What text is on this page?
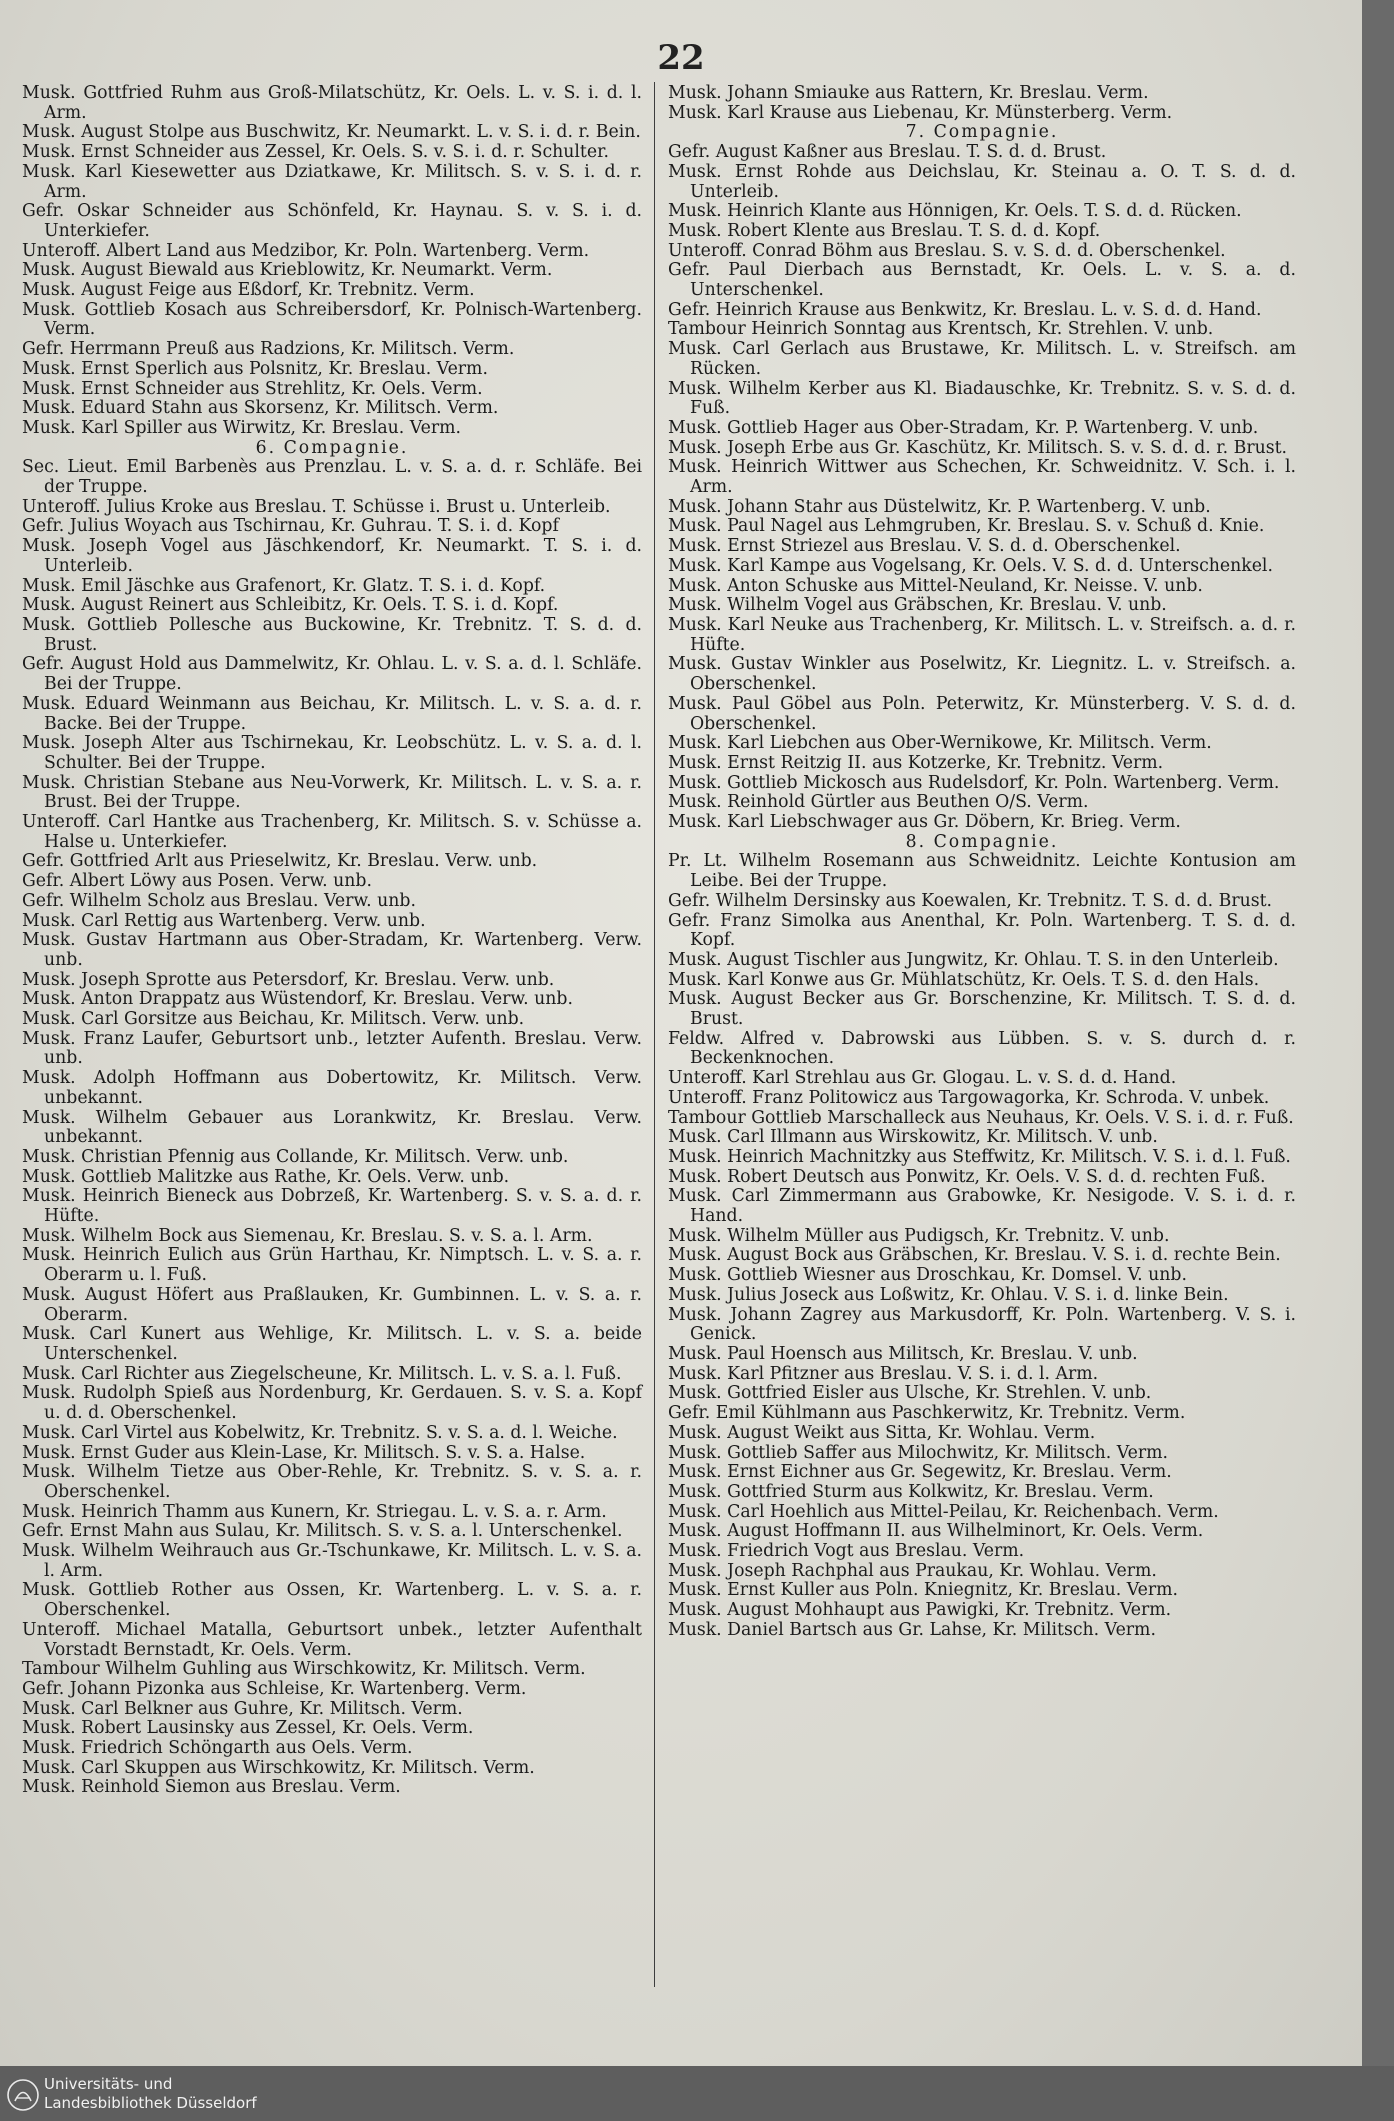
22
Musk. Gottfried Ruhm aus Groß-Milatschütz, Kr. Oels. L. v. S. i. d. l. Arm.
Musk. August Stolpe aus Buschwitz, Kr. Neumarkt. L. v. S. i. d. r. Bein.
Musk. Ernst Schneider aus Zessel, Kr. Oels. S. v. S. i. d. r. Schulter.
Musk. Karl Kiesewetter aus Dziatkawe, Kr. Militsch. S. v. S. i. d. r. Arm.
Gefr. Oskar Schneider aus Schönfeld, Kr. Haynau. S. v. S. i. d. Unterkiefer.
Unteroff. Albert Land aus Medzibor, Kr. Poln. Wartenberg. Verm.
Musk. August Biewald aus Krieblowitz, Kr. Neumarkt. Verm.
Musk. August Feige aus Eßdorf, Kr. Trebnitz. Verm.
Musk. Gottlieb Kosach aus Schreibersdorf, Kr. Polnisch-Wartenberg. Verm.
Gefr. Herrmann Preuß aus Radzions, Kr. Militsch. Verm.
Musk. Ernst Sperlich aus Polsnitz, Kr. Breslau. Verm.
Musk. Ernst Schneider aus Strehlitz, Kr. Oels. Verm.
Musk. Eduard Stahn aus Skorsenz, Kr. Militsch. Verm.
Musk. Karl Spiller aus Wirwitz, Kr. Breslau. Verm.
6. Compagnie.
Sec. Lieut. Emil Barbenès aus Prenzlau. L. v. S. a. d. r. Schläfe. Bei der Truppe.
Unteroff. Julius Kroke aus Breslau. T. Schüsse i. Brust u. Unterleib.
Gefr. Julius Woyach aus Tschirnau, Kr. Guhrau. T. S. i. d. Kopf
Musk. Joseph Vogel aus Jäschkendorf, Kr. Neumarkt. T. S. i. d. Unterleib.
Musk. Emil Jäschke aus Grafenort, Kr. Glatz. T. S. i. d. Kopf.
Musk. August Reinert aus Schleibitz, Kr. Oels. T. S. i. d. Kopf.
Musk. Gottlieb Pollesche aus Buckowine, Kr. Trebnitz. T. S. d. d. Brust.
Gefr. August Hold aus Dammelwitz, Kr. Ohlau. L. v. S. a. d. l. Schläfe. Bei der Truppe.
Musk. Eduard Weinmann aus Beichau, Kr. Militsch. L. v. S. a. d. r. Backe. Bei der Truppe.
Musk. Joseph Alter aus Tschirnekau, Kr. Leobschütz. L. v. S. a. d. l. Schulter. Bei der Truppe.
Musk. Christian Stebane aus Neu-Vorwerk, Kr. Militsch. L. v. S. a. r. Brust. Bei der Truppe.
Unteroff. Carl Hantke aus Trachenberg, Kr. Militsch. S. v. Schüsse a. Halse u. Unterkiefer.
Gefr. Gottfried Arlt aus Prieselwitz, Kr. Breslau. Verw. unb.
Gefr. Albert Löwy aus Posen. Verw. unb.
Gefr. Wilhelm Scholz aus Breslau. Verw. unb.
Musk. Carl Rettig aus Wartenberg. Verw. unb.
Musk. Gustav Hartmann aus Ober-Stradam, Kr. Wartenberg. Verw. unb.
Musk. Joseph Sprotte aus Petersdorf, Kr. Breslau. Verw. unb.
Musk. Anton Drappatz aus Wüstendorf, Kr. Breslau. Verw. unb.
Musk. Carl Gorsitze aus Beichau, Kr. Militsch. Verw. unb.
Musk. Franz Laufer, Geburtsort unb., letzter Aufenth. Breslau. Verw. unb.
Musk. Adolph Hoffmann aus Dobertowitz, Kr. Militsch. Verw. unbekannt.
Musk. Wilhelm Gebauer aus Lorankwitz, Kr. Breslau. Verw. unbekannt.
Musk. Christian Pfennig aus Collande, Kr. Militsch. Verw. unb.
Musk. Gottlieb Malitzke aus Rathe, Kr. Oels. Verw. unb.
Musk. Heinrich Bieneck aus Dobrzeß, Kr. Wartenberg. S. v. S. a. d. r. Hüfte.
Musk. Wilhelm Bock aus Siemenau, Kr. Breslau. S. v. S. a. l. Arm.
Musk. Heinrich Eulich aus Grün Harthau, Kr. Nimptsch. L. v. S. a. r. Oberarm u. l. Fuß.
Musk. August Höfert aus Praßlauken, Kr. Gumbinnen. L. v. S. a. r. Oberarm.
Musk. Carl Kunert aus Wehlige, Kr. Militsch. L. v. S. a. beide Unterschenkel.
Musk. Carl Richter aus Ziegelscheune, Kr. Militsch. L. v. S. a. l. Fuß.
Musk. Rudolph Spieß aus Nordenburg, Kr. Gerdauen. S. v. S. a. Kopf u. d. d. Oberschenkel.
Musk. Carl Virtel aus Kobelwitz, Kr. Trebnitz. S. v. S. a. d. l. Weiche.
Musk. Ernst Guder aus Klein-Lase, Kr. Militsch. S. v. S. a. Halse.
Musk. Wilhelm Tietze aus Ober-Rehle, Kr. Trebnitz. S. v. S. a. r. Oberschenkel.
Musk. Heinrich Thamm aus Kunern, Kr. Striegau. L. v. S. a. r. Arm.
Gefr. Ernst Mahn aus Sulau, Kr. Militsch. S. v. S. a. l. Unterschenkel.
Musk. Wilhelm Weihrauch aus Gr.-Tschunkawe, Kr. Militsch. L. v. S. a. l. Arm.
Musk. Gottlieb Rother aus Ossen, Kr. Wartenberg. L. v. S. a. r. Oberschenkel.
Unteroff. Michael Matalla, Geburtsort unbek., letzter Aufenthalt Vorstadt Bernstadt, Kr. Oels. Verm.
Tambour Wilhelm Guhling aus Wirschkowitz, Kr. Militsch. Verm.
Gefr. Johann Pizonka aus Schleise, Kr. Wartenberg. Verm.
Musk. Carl Belkner aus Guhre, Kr. Militsch. Verm.
Musk. Robert Lausinsky aus Zessel, Kr. Oels. Verm.
Musk. Friedrich Schöngarth aus Oels. Verm.
Musk. Carl Skuppen aus Wirschkowitz, Kr. Militsch. Verm.
Musk. Reinhold Siemon aus Breslau. Verm.
Musk. Johann Smiauke aus Rattern, Kr. Breslau. Verm.
Musk. Karl Krause aus Liebenau, Kr. Münsterberg. Verm.
7. Compagnie.
Gefr. August Kaßner aus Breslau. T. S. d. d. Brust.
Musk. Ernst Rohde aus Deichslau, Kr. Steinau a. O. T. S. d. d. Unterleib.
Musk. Heinrich Klante aus Hönnigen, Kr. Oels. T. S. d. d. Rücken.
Musk. Robert Klente aus Breslau. T. S. d. d. Kopf.
Unteroff. Conrad Böhm aus Breslau. S. v. S. d. d. Oberschenkel.
Gefr. Paul Dierbach aus Bernstadt, Kr. Oels. L. v. S. a. d. Unterschenkel.
Gefr. Heinrich Krause aus Benkwitz, Kr. Breslau. L. v. S. d. d. Hand.
Tambour Heinrich Sonntag aus Krentsch, Kr. Strehlen. V. unb.
Musk. Carl Gerlach aus Brustawe, Kr. Militsch. L. v. Streifsch. am Rücken.
Musk. Wilhelm Kerber aus Kl. Biadauschke, Kr. Trebnitz. S. v. S. d. d. Fuß.
Musk. Gottlieb Hager aus Ober-Stradam, Kr. P. Wartenberg. V. unb.
Musk. Joseph Erbe aus Gr. Kaschütz, Kr. Militsch. S. v. S. d. d. r. Brust.
Musk. Heinrich Wittwer aus Schechen, Kr. Schweidnitz. V. Sch. i. l. Arm.
Musk. Johann Stahr aus Düstelwitz, Kr. P. Wartenberg. V. unb.
Musk. Paul Nagel aus Lehmgruben, Kr. Breslau. S. v. Schuß d. Knie.
Musk. Ernst Striezel aus Breslau. V. S. d. d. Oberschenkel.
Musk. Karl Kampe aus Vogelsang, Kr. Oels. V. S. d. d. Unterschenkel.
Musk. Anton Schuske aus Mittel-Neuland, Kr. Neisse. V. unb.
Musk. Wilhelm Vogel aus Gräbschen, Kr. Breslau. V. unb.
Musk. Karl Neuke aus Trachenberg, Kr. Militsch. L. v. Streifsch. a. d. r. Hüfte.
Musk. Gustav Winkler aus Poselwitz, Kr. Liegnitz. L. v. Streifsch. a. Oberschenkel.
Musk. Paul Göbel aus Poln. Peterwitz, Kr. Münsterberg. V. S. d. d. Oberschenkel.
Musk. Karl Liebchen aus Ober-Wernikowe, Kr. Militsch. Verm.
Musk. Ernst Reitzig II. aus Kotzerke, Kr. Trebnitz. Verm.
Musk. Gottlieb Mickosch aus Rudelsdorf, Kr. Poln. Wartenberg. Verm.
Musk. Reinhold Gürtler aus Beuthen O/S. Verm.
Musk. Karl Liebschwager aus Gr. Döbern, Kr. Brieg. Verm.
8. Compagnie.
Pr. Lt. Wilhelm Rosemann aus Schweidnitz. Leichte Kontusion am Leibe. Bei der Truppe.
Gefr. Wilhelm Dersinsky aus Koewalen, Kr. Trebnitz. T. S. d. d. Brust.
Gefr. Franz Simolka aus Anenthal, Kr. Poln. Wartenberg. T. S. d. d. Kopf.
Musk. August Tischler aus Jungwitz, Kr. Ohlau. T. S. in den Unterleib.
Musk. Karl Konwe aus Gr. Mühlatschütz, Kr. Oels. T. S. d. den Hals.
Musk. August Becker aus Gr. Borschenzine, Kr. Militsch. T. S. d. d. Brust.
Feldw. Alfred v. Dabrowski aus Lübben. S. v. S. durch d. r. Beckenknochen.
Unteroff. Karl Strehlau aus Gr. Glogau. L. v. S. d. d. Hand.
Unteroff. Franz Politowicz aus Targowagorka, Kr. Schroda. V. unbek.
Tambour Gottlieb Marschalleck aus Neuhaus, Kr. Oels. V. S. i. d. r. Fuß.
Musk. Carl Illmann aus Wirskowitz, Kr. Militsch. V. unb.
Musk. Heinrich Machnitzky aus Steffwitz, Kr. Militsch. V. S. i. d. l. Fuß.
Musk. Robert Deutsch aus Ponwitz, Kr. Oels. V. S. d. d. rechten Fuß.
Musk. Carl Zimmermann aus Grabowke, Kr. Nesigode. V. S. i. d. r. Hand.
Musk. Wilhelm Müller aus Pudigsch, Kr. Trebnitz. V. unb.
Musk. August Bock aus Gräbschen, Kr. Breslau. V. S. i. d. rechte Bein.
Musk. Gottlieb Wiesner aus Droschkau, Kr. Domsel. V. unb.
Musk. Julius Joseck aus Loßwitz, Kr. Ohlau. V. S. i. d. linke Bein.
Musk. Johann Zagrey aus Markusdorff, Kr. Poln. Wartenberg. V. S. i. Genick.
Musk. Paul Hoensch aus Militsch, Kr. Breslau. V. unb.
Musk. Karl Pfitzner aus Breslau. V. S. i. d. l. Arm.
Musk. Gottfried Eisler aus Ulsche, Kr. Strehlen. V. unb.
Gefr. Emil Kühlmann aus Paschkerwitz, Kr. Trebnitz. Verm.
Musk. August Weikt aus Sitta, Kr. Wohlau. Verm.
Musk. Gottlieb Saffer aus Milochwitz, Kr. Militsch. Verm.
Musk. Ernst Eichner aus Gr. Segewitz, Kr. Breslau. Verm.
Musk. Gottfried Sturm aus Kolkwitz, Kr. Breslau. Verm.
Musk. Carl Hoehlich aus Mittel-Peilau, Kr. Reichenbach. Verm.
Musk. August Hoffmann II. aus Wilhelminort, Kr. Oels. Verm.
Musk. Friedrich Vogt aus Breslau. Verm.
Musk. Joseph Rachphal aus Praukau, Kr. Wohlau. Verm.
Musk. Ernst Kuller aus Poln. Kniegnitz, Kr. Breslau. Verm.
Musk. August Mohhaupt aus Pawigki, Kr. Trebnitz. Verm.
Musk. Daniel Bartsch aus Gr. Lahse, Kr. Militsch. Verm.
Universitäts- und
Landesbibliothek Düsseldorf
